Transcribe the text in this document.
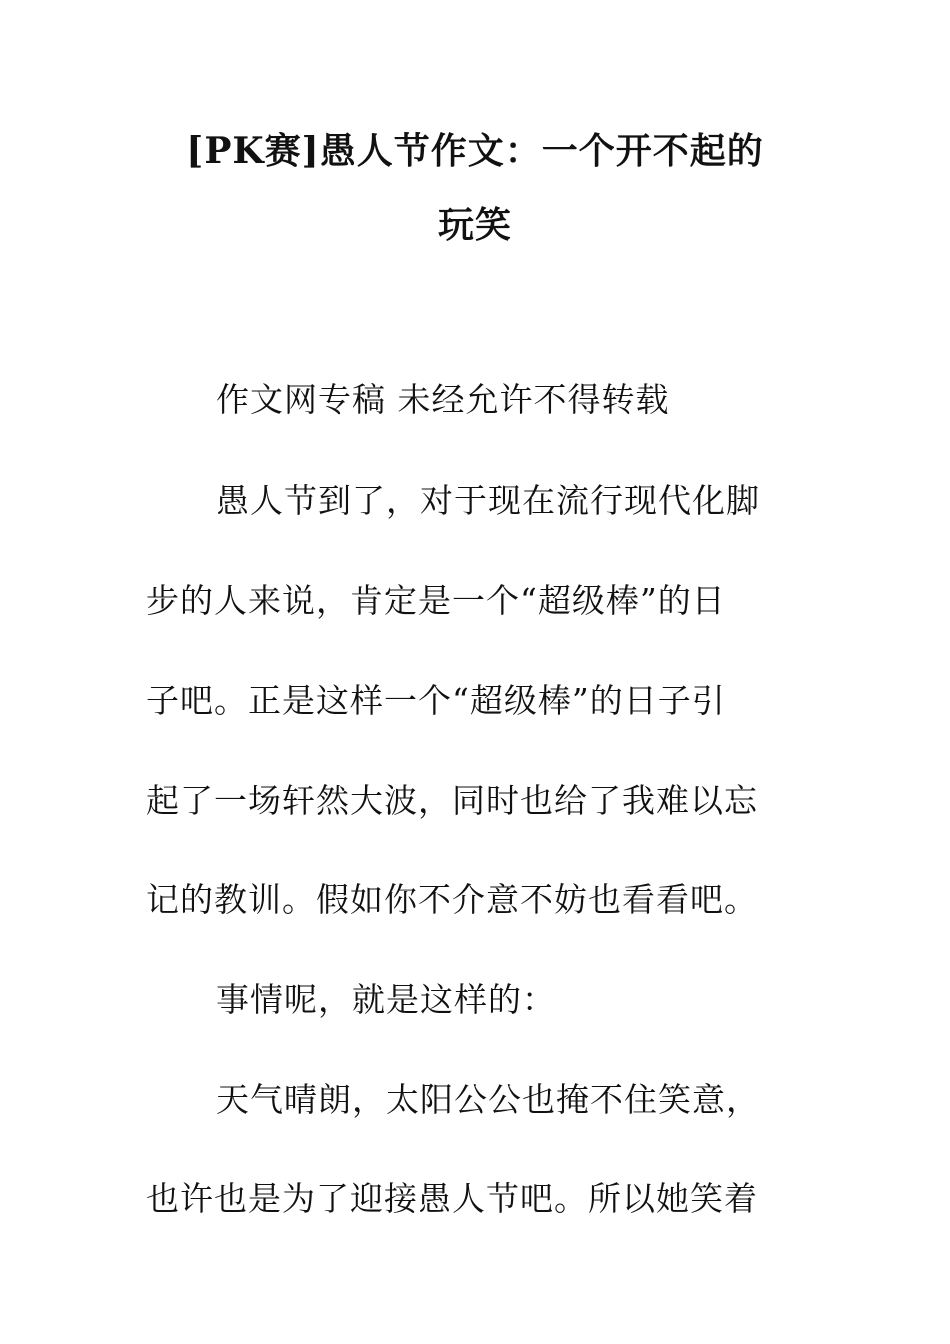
[PK赛]愚人节作文：一个开不起的
玩笑
作文网专稿 未经允许不得转载
愚人节到了，对于现在流行现代化脚
步的人来说，肯定是一个“超级棒”的日
子吧。正是这样一个“超级棒”的日子引
起了一场轩然大波，同时也给了我难以忘
记的教训。假如你不介意不妨也看看吧。
事情呢，就是这样的：
天气晴朗，太阳公公也掩不住笑意，
也许也是为了迎接愚人节吧。所以她笑着
